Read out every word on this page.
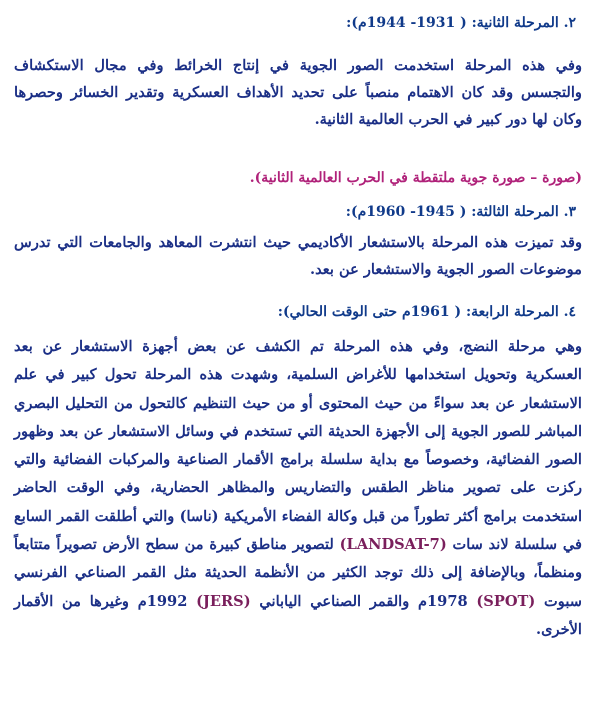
٢. المرحلة الثانية: ( 1931- 1944م):

وفي هذه المرحلة استخدمت الصور الجوية في إنتاج الخرائط وفي مجال الاستكشاف والتجسس وقد كان الاهتمام منصباً على تحديد الأهداف العسكرية وتقدير الخسائر وحصرها وكان لها دور كبير في الحرب العالمية الثانية.

(صورة – صورة جوية ملتقطة في الحرب العالمية الثانية).

٣. المرحلة الثالثة: ( 1945- 1960م):

وقد تميزت هذه المرحلة بالاستشعار الأكاديمي حيث انتشرت المعاهد والجامعات التي تدرس موضوعات الصور الجوية والاستشعار عن بعد.

٤. المرحلة الرابعة: ( 1961م حتى الوقت الحالي):

وهي مرحلة النضج، وفي هذه المرحلة تم الكشف عن بعض أجهزة الاستشعار عن بعد العسكرية وتحويل استخدامها للأغراض السلمية، وشهدت هذه المرحلة تحول كبير في علم الاستشعار عن بعد سواءً من حيث المحتوى أو من حيث التنظيم كالتحول من التحليل البصري المباشر للصور الجوية إلى الأجهزة الحديثة التي تستخدم في وسائل الاستشعار عن بعد وظهور الصور الفضائية، وخصوصاً مع بداية سلسلة برامج الأقمار الصناعية والمركبات الفضائية والتي ركزت على تصوير مناظر الطقس والتضاريس والمظاهر الحضارية، وفي الوقت الحاضر استخدمت برامج أكثر تطوراً من قبل وكالة الفضاء الأمريكية (ناسا) والتي أطلقت القمر السابع في سلسلة لاند سات (LANDSAT-7) لتصوير مناطق كبيرة من سطح الأرض تصويراً متتابعاً ومنظماً، وبالإضافة إلى ذلك توجد الكثير من الأنظمة الحديثة مثل القمر الصناعي الفرنسي سبوت (SPOT) 1978م والقمر الصناعي الياباني (JERS) 1992م وغيرها من الأقمار الأخرى.
